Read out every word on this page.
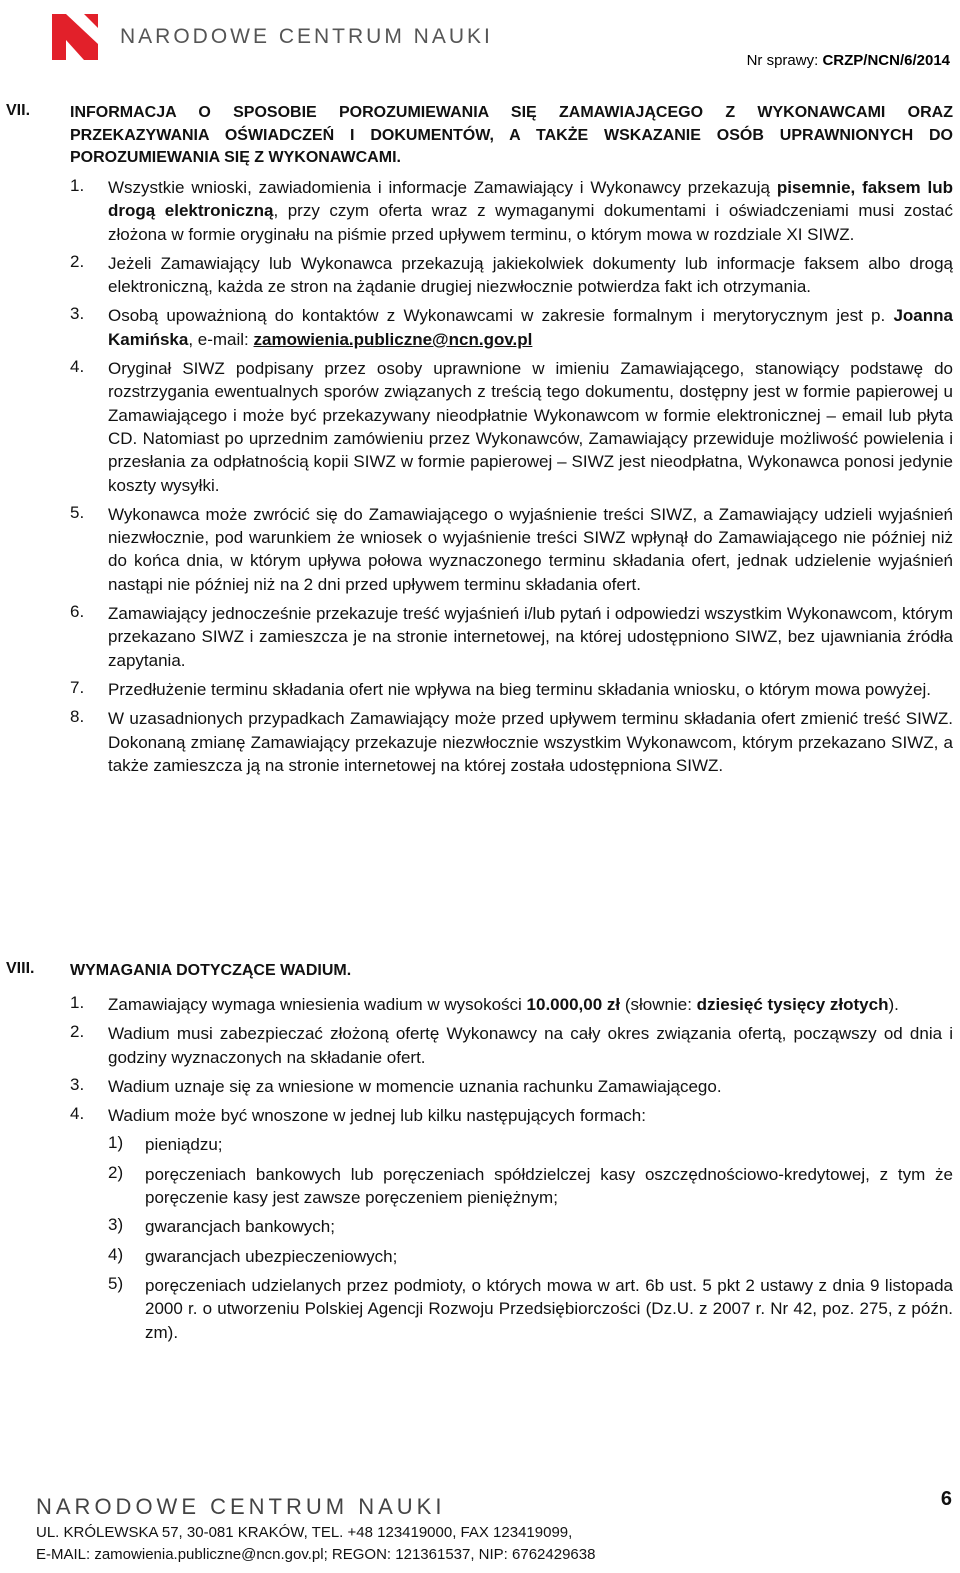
NARODOWE CENTRUM NAUKI
Nr sprawy: CRZP/NCN/6/2014
VII. INFORMACJA O SPOSOBIE POROZUMIEWANIA SIĘ ZAMAWIAJĄCEGO Z WYKONAWCAMI ORAZ PRZEKAZYWANIA OŚWIADCZEŃ I DOKUMENTÓW, A TAKŻE WSKAZANIE OSÓB UPRAWNIONYCH DO POROZUMIEWANIA SIĘ Z WYKONAWCAMI.
1. Wszystkie wnioski, zawiadomienia i informacje Zamawiający i Wykonawcy przekazują pisemnie, faksem lub drogą elektroniczną, przy czym oferta wraz z wymaganymi dokumentami i oświadczeniami musi zostać złożona w formie oryginału na piśmie przed upływem terminu, o którym mowa w rozdziale XI SIWZ.
2. Jeżeli Zamawiający lub Wykonawca przekazują jakiekolwiek dokumenty lub informacje faksem albo drogą elektroniczną, każda ze stron na żądanie drugiej niezwłocznie potwierdza fakt ich otrzymania.
3. Osobą upoważnioną do kontaktów z Wykonawcami w zakresie formalnym i merytorycznym jest p. Joanna Kamińska, e-mail: zamowienia.publiczne@ncn.gov.pl
4. Oryginał SIWZ podpisany przez osoby uprawnione w imieniu Zamawiającego, stanowiący podstawę do rozstrzygania ewentualnych sporów związanych z treścią tego dokumentu, dostępny jest w formie papierowej u Zamawiającego i może być przekazywany nieodpłatnie Wykonawcom w formie elektronicznej – email lub płyta CD. Natomiast po uprzednim zamówieniu przez Wykonawców, Zamawiający przewiduje możliwość powielenia i przesłania za odpłatnością kopii SIWZ w formie papierowej – SIWZ jest nieodpłatna, Wykonawca ponosi jedynie koszty wysyłki.
5. Wykonawca może zwrócić się do Zamawiającego o wyjaśnienie treści SIWZ, a Zamawiający udzieli wyjaśnień niezwłocznie, pod warunkiem że wniosek o wyjaśnienie treści SIWZ wpłynął do Zamawiającego nie później niż do końca dnia, w którym upływa połowa wyznaczonego terminu składania ofert, jednak udzielenie wyjaśnień nastąpi nie później niż na 2 dni przed upływem terminu składania ofert.
6. Zamawiający jednocześnie przekazuje treść wyjaśnień i/lub pytań i odpowiedzi wszystkim Wykonawcom, którym przekazano SIWZ i zamieszcza je na stronie internetowej, na której udostępniono SIWZ, bez ujawniania źródła zapytania.
7. Przedłużenie terminu składania ofert nie wpływa na bieg terminu składania wniosku, o którym mowa powyżej.
8. W uzasadnionych przypadkach Zamawiający może przed upływem terminu składania ofert zmienić treść SIWZ. Dokonaną zmianę Zamawiający przekazuje niezwłocznie wszystkim Wykonawcom, którym przekazano SIWZ, a także zamieszcza ją na stronie internetowej na której została udostępniona SIWZ.
VIII. WYMAGANIA DOTYCZĄCE WADIUM.
1. Zamawiający wymaga wniesienia wadium w wysokości 10.000,00 zł (słownie: dziesięć tysięcy złotych).
2. Wadium musi zabezpieczać złożoną ofertę Wykonawcy na cały okres związania ofertą, począwszy od dnia i godziny wyznaczonych na składanie ofert.
3. Wadium uznaje się za wniesione w momencie uznania rachunku Zamawiającego.
4. Wadium może być wnoszone w jednej lub kilku następujących formach:
1) pieniądzu;
2) poręczeniach bankowych lub poręczeniach spółdzielczej kasy oszczędnościowo-kredytowej, z tym że poręczenie kasy jest zawsze poręczeniem pieniężnym;
3) gwarancjach bankowych;
4) gwarancjach ubezpieczeniowych;
5) poręczeniach udzielanych przez podmioty, o których mowa w art. 6b ust. 5 pkt 2 ustawy z dnia 9 listopada 2000 r. o utworzeniu Polskiej Agencji Rozwoju Przedsiębiorczości (Dz.U. z 2007 r. Nr 42, poz. 275, z późn. zm).
NARODOWE CENTRUM NAUKI	6
UL. KRÓLEWSKA 57, 30-081 KRAKÓW, TEL. +48 123419000, FAX 123419099,
E-MAIL: zamowienia.publiczne@ncn.gov.pl; REGON: 121361537, NIP: 6762429638
